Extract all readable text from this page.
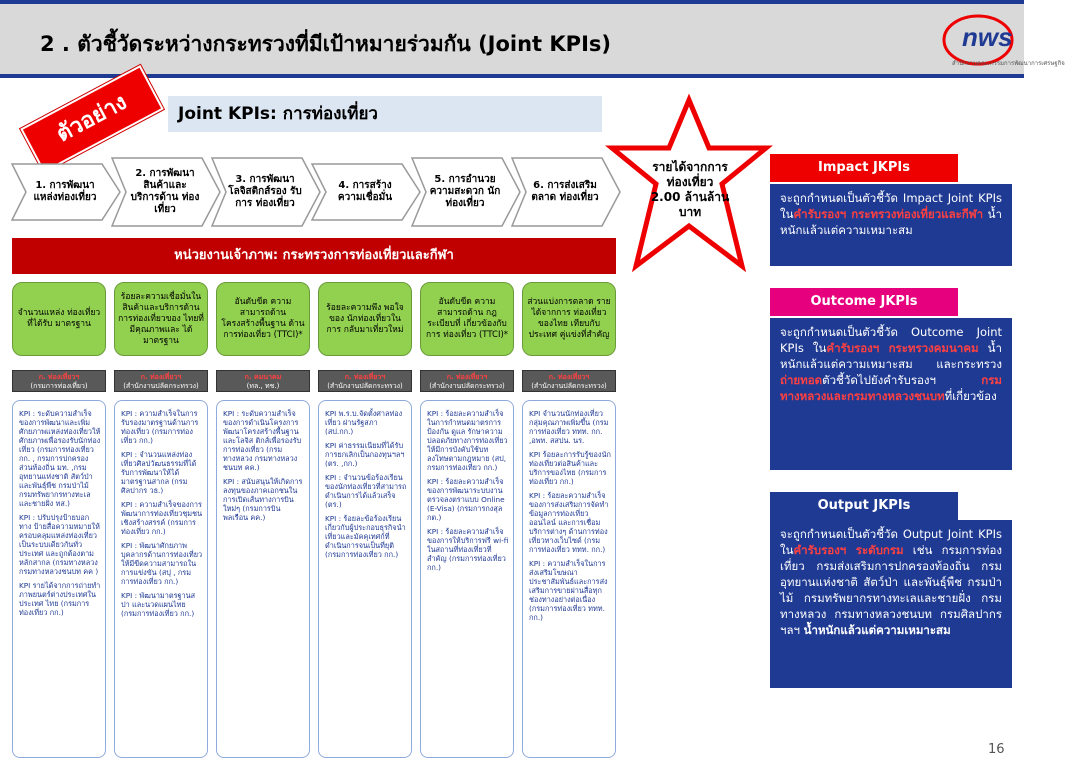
2 . ตัวชี้วัดระหว่างกระทรวงที่มีเป้าหมายร่วมกัน (Joint KPIs)	nws
สำนักงานคณะกรรมการพัฒนาการเศรษฐกิจ
ตัวอย่าง	Joint KPIs: การท่องเที่ยว
1. การพัฒนา แหล่งท่องเที่ยว
2. การพัฒนา สินค้าและ บริการด้าน ท่องเที่ยว
3. การพัฒนา โลจิสติกส์รอง รับการ ท่องเที่ยว
4. การสร้าง ความเชื่อมั่น
5. การอำนวย ความสะดวก นักท่องเที่ยว
6. การส่งเสริม ตลาด ท่องเที่ยว
รายได้จากการ
ท่องเที่ยว
2.00 ล้านล้าน
บาท
หน่วยงานเจ้าภาพ: กระทรวงการท่องเที่ยวและกีฬา
จำนวนแหล่ง ท่องเที่ยวที่ได้รับ มาตรฐาน
ร้อยละความเชื่อมั่นใน สินค้าและบริการด้าน การท่องเที่ยวของ ไทยที่มีคุณภาพและ ได้มาตรฐาน
อันดับขีด ความสามารถด้าน โครงสร้างพื้นฐาน ด้านการท่องเที่ยว (TTCI)*
ร้อยละความพึง พอใจของ นักท่องเที่ยวในการ กลับมาเที่ยวใหม่
อันดับขีด ความสามารถด้าน กฎระเบียบที่ เกี่ยวข้องกับการ ท่องเที่ยว (TTCI)*
ส่วนแบ่งการตลาด รายได้จากการ ท่องเที่ยวของไทย เทียบกับประเทศ คู่แข่งที่สำคัญ
ก. ท่องเที่ยวฯ
(กรมการท่องเที่ยว)
ก. ท่องเที่ยวฯ
(สำนักงานปลัดกระทรวง)
ก. คมนาคม
(ทล., ทช.)
ก. ท่องเที่ยวฯ
(สำนักงานปลัดกระทรวง)
ก. ท่องเที่ยวฯ
(สำนักงานปลัดกระทรวง)
ก. ท่องเที่ยวฯ
(สำนักงานปลัดกระทรวง)

KPI : ระดับความสำเร็จของการพัฒนาและเพิ่มศักยภาพแหล่งท่องเที่ยวให้ศักยภาพเพื่อรองรับนักท่องเที่ยว (กรมการท่องเที่ยว กก. , กรมการปกครองส่วนท้องถิ่น มท. ,กรมอุทยานแห่งชาติ สัตว์ป่า และพันธุ์พืช กรมป่าไม้ กรมทรัพยากรทางทะเลและชายฝั่ง ทส.)

KPI : ปรับปรุงป้ายบอกทาง ป้ายสื่อความหมายให้ครอบคลุมแหล่งท่องเที่ยว เป็นระบบเดียวกันทั่วประเทศ และถูกต้องตามหลักสากล (กรมทางหลวง กรมทางหลวงชนบท คค )

KPI รายได้จากการถ่ายทำภาพยนตร์ต่างประเทศใน ประเทศ ไทย (กรมการท่องเที่ยว กก.)

KPI : ความสำเร็จในการรับรองมาตรฐานด้านการท่องเที่ยว (กรมการท่องเที่ยว กก.)

KPI : จำนวนแหล่งท่องเที่ยวศิลปวัฒนธรรมที่ได้รับการพัฒนาให้ได้มาตรฐานสากล (กรมศิลปากร วธ.)

KPI : ความสำเร็จของการพัฒนาการท่องเที่ยวชุมชนเชิงสร้างสรรค์ (กรมการท่องเที่ยว กก.)

KPI : พัฒนาศักยภาพบุคลากรด้านการท่องเที่ยวให้มีขีดความสามารถในการแข่งขัน (สปุ , กรมการท่องเที่ยว กก.)

KPI : พัฒนามาตรฐานสปา และนวดแผนไทย (กรมการท่องเที่ยว กก.)

KPI : ระดับความสำเร็จของการดำเนินโครงการพัฒนาโครงสร้างพื้นฐานและโลจิส ติกส์เพื่อรองรับการท่องเที่ยว (กรมทางหลวง กรมทางหลวงชนบท คค.)

KPI : สนับสนุนให้เกิดการลงทุนของภาคเอกชนในการเปิดเส้นทางการบินใหม่ๆ (กรมการบินพลเรือน คค.)

KPI พ.ร.บ.จัดตั้งศาลท่องเที่ยว ผ่านรัฐสภา (สป.กก.)

KPI ค่าธรรมเนียมที่ได้รับการยกเลิกเป็นกองทุนฯลฯ (ตร. ,กก.)

KPI : จำนวนข้อร้องเรียนของนักท่องเที่ยวที่สามารถดำเนินการได้แล้วเสร็จ (ตร.)

KPI : ร้อยละข้อร้องเรียนเกี่ยวกับผู้ประกอบธุรกิจนำเที่ยวและมัคคุเทศก์ที่ดำเนินการจนเป็นที่ยุติ (กรมการท่องเที่ยว กก.)

KPI : ร้อยละความสำเร็จในการกำหนดมาตรการป้องกัน ดูแล รักษาความปลอดภัยทางการท่องเที่ยวให้มีการบังคับใช้บทลงโทษตามกฎหมาย (สป, กรมการท่องเที่ยว กก.)

KPI : ร้อยละความสำเร็จของการพัฒนาระบบงานตรวจลงตราแบบ Online (E-Visa) (กรมการกงสุล กต.)

KPI : ร้อยละความสำเร็จของการให้บริการฟรี wi-fi ในสถานที่ท่องเที่ยวที่สำคัญ (กรมการท่องเที่ยว กก.)

KPI จำนวนนักท่องเที่ยวกลุ่มคุณภาพเพิ่มขึ้น (กรมการท่องเที่ยว ททท. กก. ,อพท. สสปน. นร.

KPI ร้อยละการรับรู้ของนักท่องเที่ยวต่อสินค้าและบริการของไทย (กรมการท่องเที่ยว กก.)

KPI : ร้อยละความสำเร็จของการส่งเสริมการจัดทำข้อมูลการท่องเที่ยวออนไลน์ และการเชื่อมบริการต่างๆ ด้านการท่องเที่ยวทางเว็บไซด์ (กรมการท่องเที่ยว ททท. กก.)

KPI : ความสำเร็จในการส่งเสริมโฆษณาประชาสัมพันธ์และการส่งเสริมการขายผ่านสื่อทุกช่องทางอย่างต่อเนื่อง (กรมการท่องเที่ยว ททท. กก.)

Impact JKPIs
จะถูกกำหนดเป็นตัวชี้วัด Impact Joint KPIs ในคำรับรองฯ กระทรวงท่องเที่ยวและกีฬา น้ำหนักแล้วแต่ความเหมาะสม
Outcome JKPIs
จะถูกกำหนดเป็นตัวชี้วัด Outcome Joint KPIs ในคำรับรองฯ กระทรวงคมนาคม น้ำหนักแล้วแต่ความเหมาะสม และกระทรวงถ่ายทอดตัวชี้วัดไปยังคำรับรองฯ กรมทางหลวงและกรมทางหลวงชนบทที่เกี่ยวข้อง
Output JKPIs
จะถูกกำหนดเป็นตัวชี้วัด Output Joint KPIs ในคำรับรองฯ ระดับกรม เช่น กรมการท่องเที่ยว กรมส่งเสริมการปกครองท้องถิ่น กรมอุทยานแห่งชาติ สัตว์ป่า และพันธุ์พืช กรมป่าไม้ กรมทรัพยากรทางทะเลและชายฝั่ง กรมทางหลวง กรมทางหลวงชนบท กรมศิลปากร ฯลฯ น้ำหนักแล้วแต่ความเหมาะสม
16
